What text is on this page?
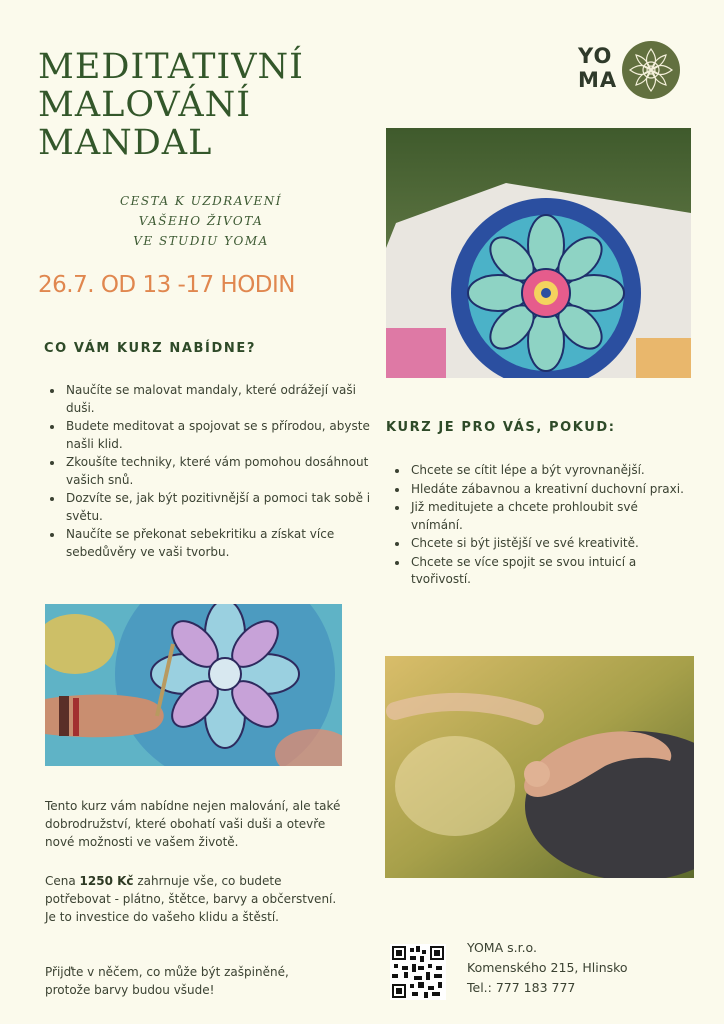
MEDITATIVNÍ
MALOVÁNÍ
MANDAL
CESTA K UZDRAVENÍ
VAŠEHO ŽIVOTA
VE STUDIU YOMA
26.7. OD 13 -17 HODIN
YO
MA
CO VÁM KURZ NABÍDNE?
• Naučíte se malovat mandaly, které odrážejí vaši duši.
• Budete meditovat a spojovat se s přírodou, abyste našli klid.
• Zkoušíte techniky, které vám pomohou dosáhnout vašich snů.
• Dozvíte se, jak být pozitivnější a pomoci tak sobě i světu.
• Naučíte se překonat sebekritiku a získat více sebedůvěry ve vaši tvorbu.
KURZ JE PRO VÁS, POKUD:
• Chcete se cítit lépe a být vyrovnanější.
• Hledáte zábavnou a kreativní duchovní praxi.
• Již meditujete a chcete prohloubit své vnímání.
• Chcete si být jistější ve své kreativitě.
• Chcete se více spojit se svou intuicí a tvořivostí.
Tento kurz vám nabídne nejen malování, ale také dobrodružství, které obohatí vaši duši a otevře nové možnosti ve vašem životě.
Cena 1250 Kč zahrnuje vše, co budete potřebovat - plátno, štětce, barvy a občerstvení. Je to investice do vašeho klidu a štěstí.
Přijďte v něčem, co může být zašpiněné, protože barvy budou všude!
YOMA s.r.o.
Komenského 215, Hlinsko
Tel.: 777 183 777
